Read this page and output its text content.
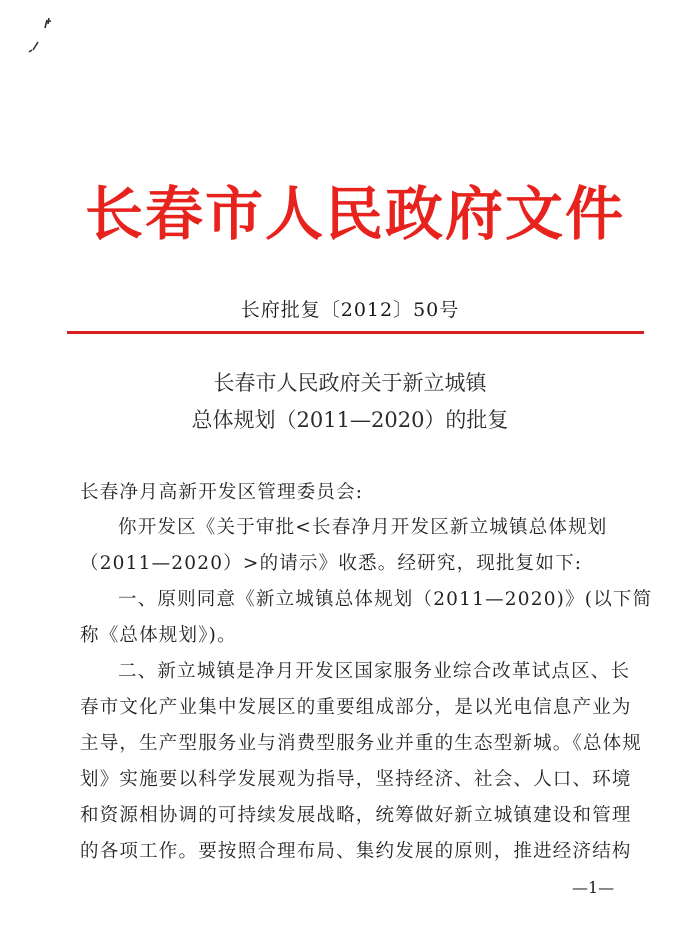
长春市人民政府文件
长府批复〔2012〕50号
长春市人民政府关于新立城镇
总体规划（2011—2020）的批复
长春净月高新开发区管理委员会:
你开发区《关于审批<长春净月开发区新立城镇总体规划
（2011—2020）>的请示》收悉。经研究，现批复如下:
一、原则同意《新立城镇总体规划（2011—2020)》(以下简
称《总体规划》)。
二、新立城镇是净月开发区国家服务业综合改革试点区、长
春市文化产业集中发展区的重要组成部分，是以光电信息产业为
主导，生产型服务业与消费型服务业并重的生态型新城。《总体规
划》实施要以科学发展观为指导，坚持经济、社会、人口、环境
和资源相协调的可持续发展战略，统筹做好新立城镇建设和管理
的各项工作。要按照合理布局、集约发展的原则，推进经济结构
—1—
